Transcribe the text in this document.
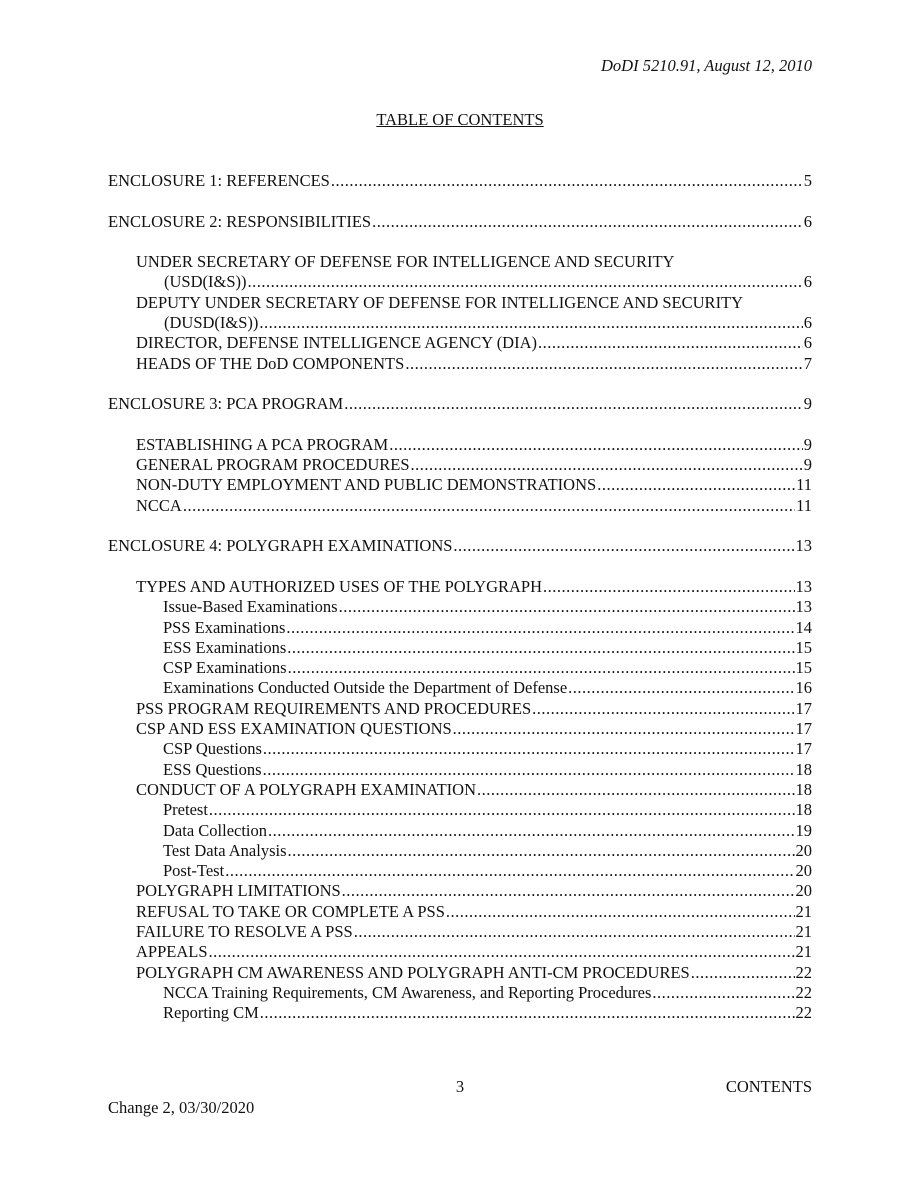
DoDI 5210.91, August 12, 2010
TABLE OF CONTENTS
ENCLOSURE 1: REFERENCES .....	5
ENCLOSURE 2: RESPONSIBILITIES .....	6
UNDER SECRETARY OF DEFENSE FOR INTELLIGENCE AND SECURITY
(USD(I&S)) .....	6
DEPUTY UNDER SECRETARY OF DEFENSE FOR INTELLIGENCE AND SECURITY
(DUSD(I&S)) .....	6
DIRECTOR, DEFENSE INTELLIGENCE AGENCY (DIA) .....	6
HEADS OF THE DoD COMPONENTS .....	7
ENCLOSURE 3: PCA PROGRAM .....	9
ESTABLISHING A PCA PROGRAM .....	9
GENERAL PROGRAM PROCEDURES .....	9
NON-DUTY EMPLOYMENT AND PUBLIC DEMONSTRATIONS .....	11
NCCA .....	11
ENCLOSURE 4: POLYGRAPH EXAMINATIONS .....	13
TYPES AND AUTHORIZED USES OF THE POLYGRAPH .....	13
Issue-Based Examinations .....	13
PSS Examinations .....	14
ESS Examinations .....	15
CSP Examinations .....	15
Examinations Conducted Outside the Department of Defense .....	16
PSS PROGRAM REQUIREMENTS AND PROCEDURES .....	17
CSP AND ESS EXAMINATION QUESTIONS .....	17
CSP Questions .....	17
ESS Questions .....	18
CONDUCT OF A POLYGRAPH EXAMINATION .....	18
Pretest .....	18
Data Collection .....	19
Test Data Analysis .....	20
Post-Test .....	20
POLYGRAPH LIMITATIONS .....	20
REFUSAL TO TAKE OR COMPLETE A PSS .....	21
FAILURE TO RESOLVE A PSS .....	21
APPEALS .....	21
POLYGRAPH CM AWARENESS AND POLYGRAPH ANTI-CM PROCEDURES .....	22
NCCA Training Requirements, CM Awareness, and Reporting Procedures .....	22
Reporting CM .....	22
3	CONTENTS
Change 2, 03/30/2020
